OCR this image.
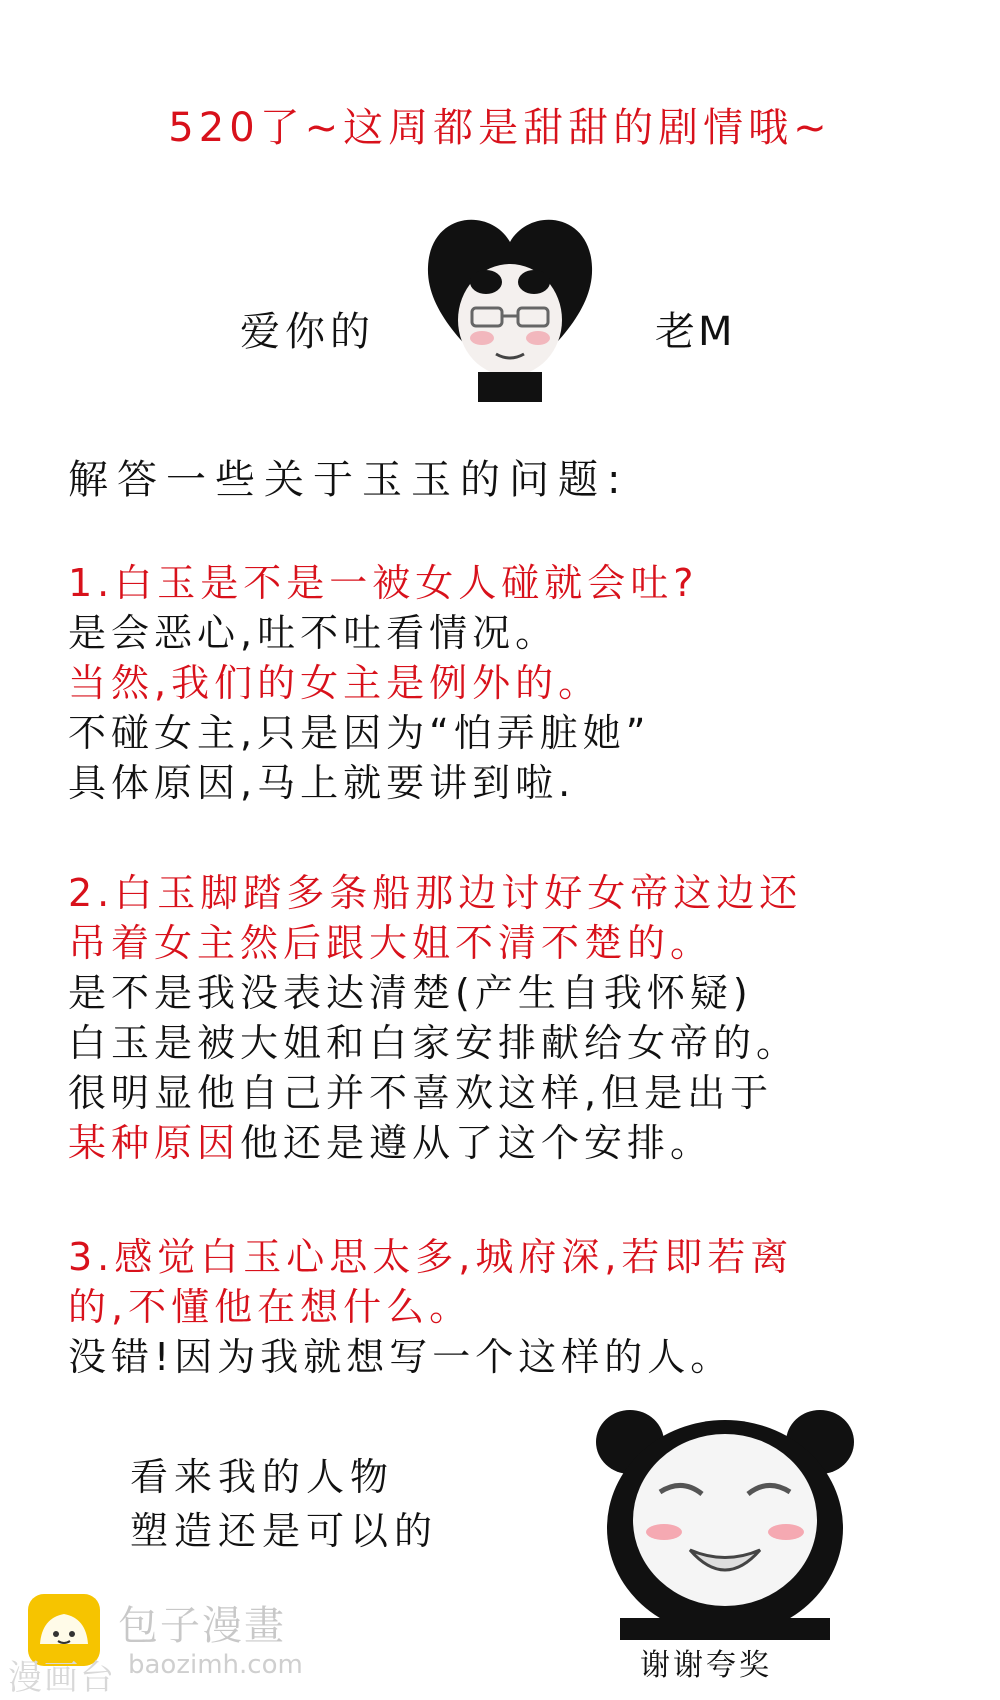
520了~这周都是甜甜的剧情哦~
爱你的	老M
解答一些关于玉玉的问题:
1.白玉是不是一被女人碰就会吐?
是会恶心,吐不吐看情况。
当然,我们的女主是例外的。
不碰女主,只是因为“怕弄脏她”
具体原因,马上就要讲到啦.
2.白玉脚踏多条船那边讨好女帝这边还
吊着女主然后跟大姐不清不楚的。
是不是我没表达清楚(产生自我怀疑)
白玉是被大姐和白家安排献给女帝的。
很明显他自己并不喜欢这样,但是出于
某种原因他还是遵从了这个安排。
3.感觉白玉心思太多,城府深,若即若离
的,不懂他在想什么。
没错!因为我就想写一个这样的人。
看来我的人物
塑造还是可以的
谢谢夸奖
包子漫畫
漫画台 baozimh.com
